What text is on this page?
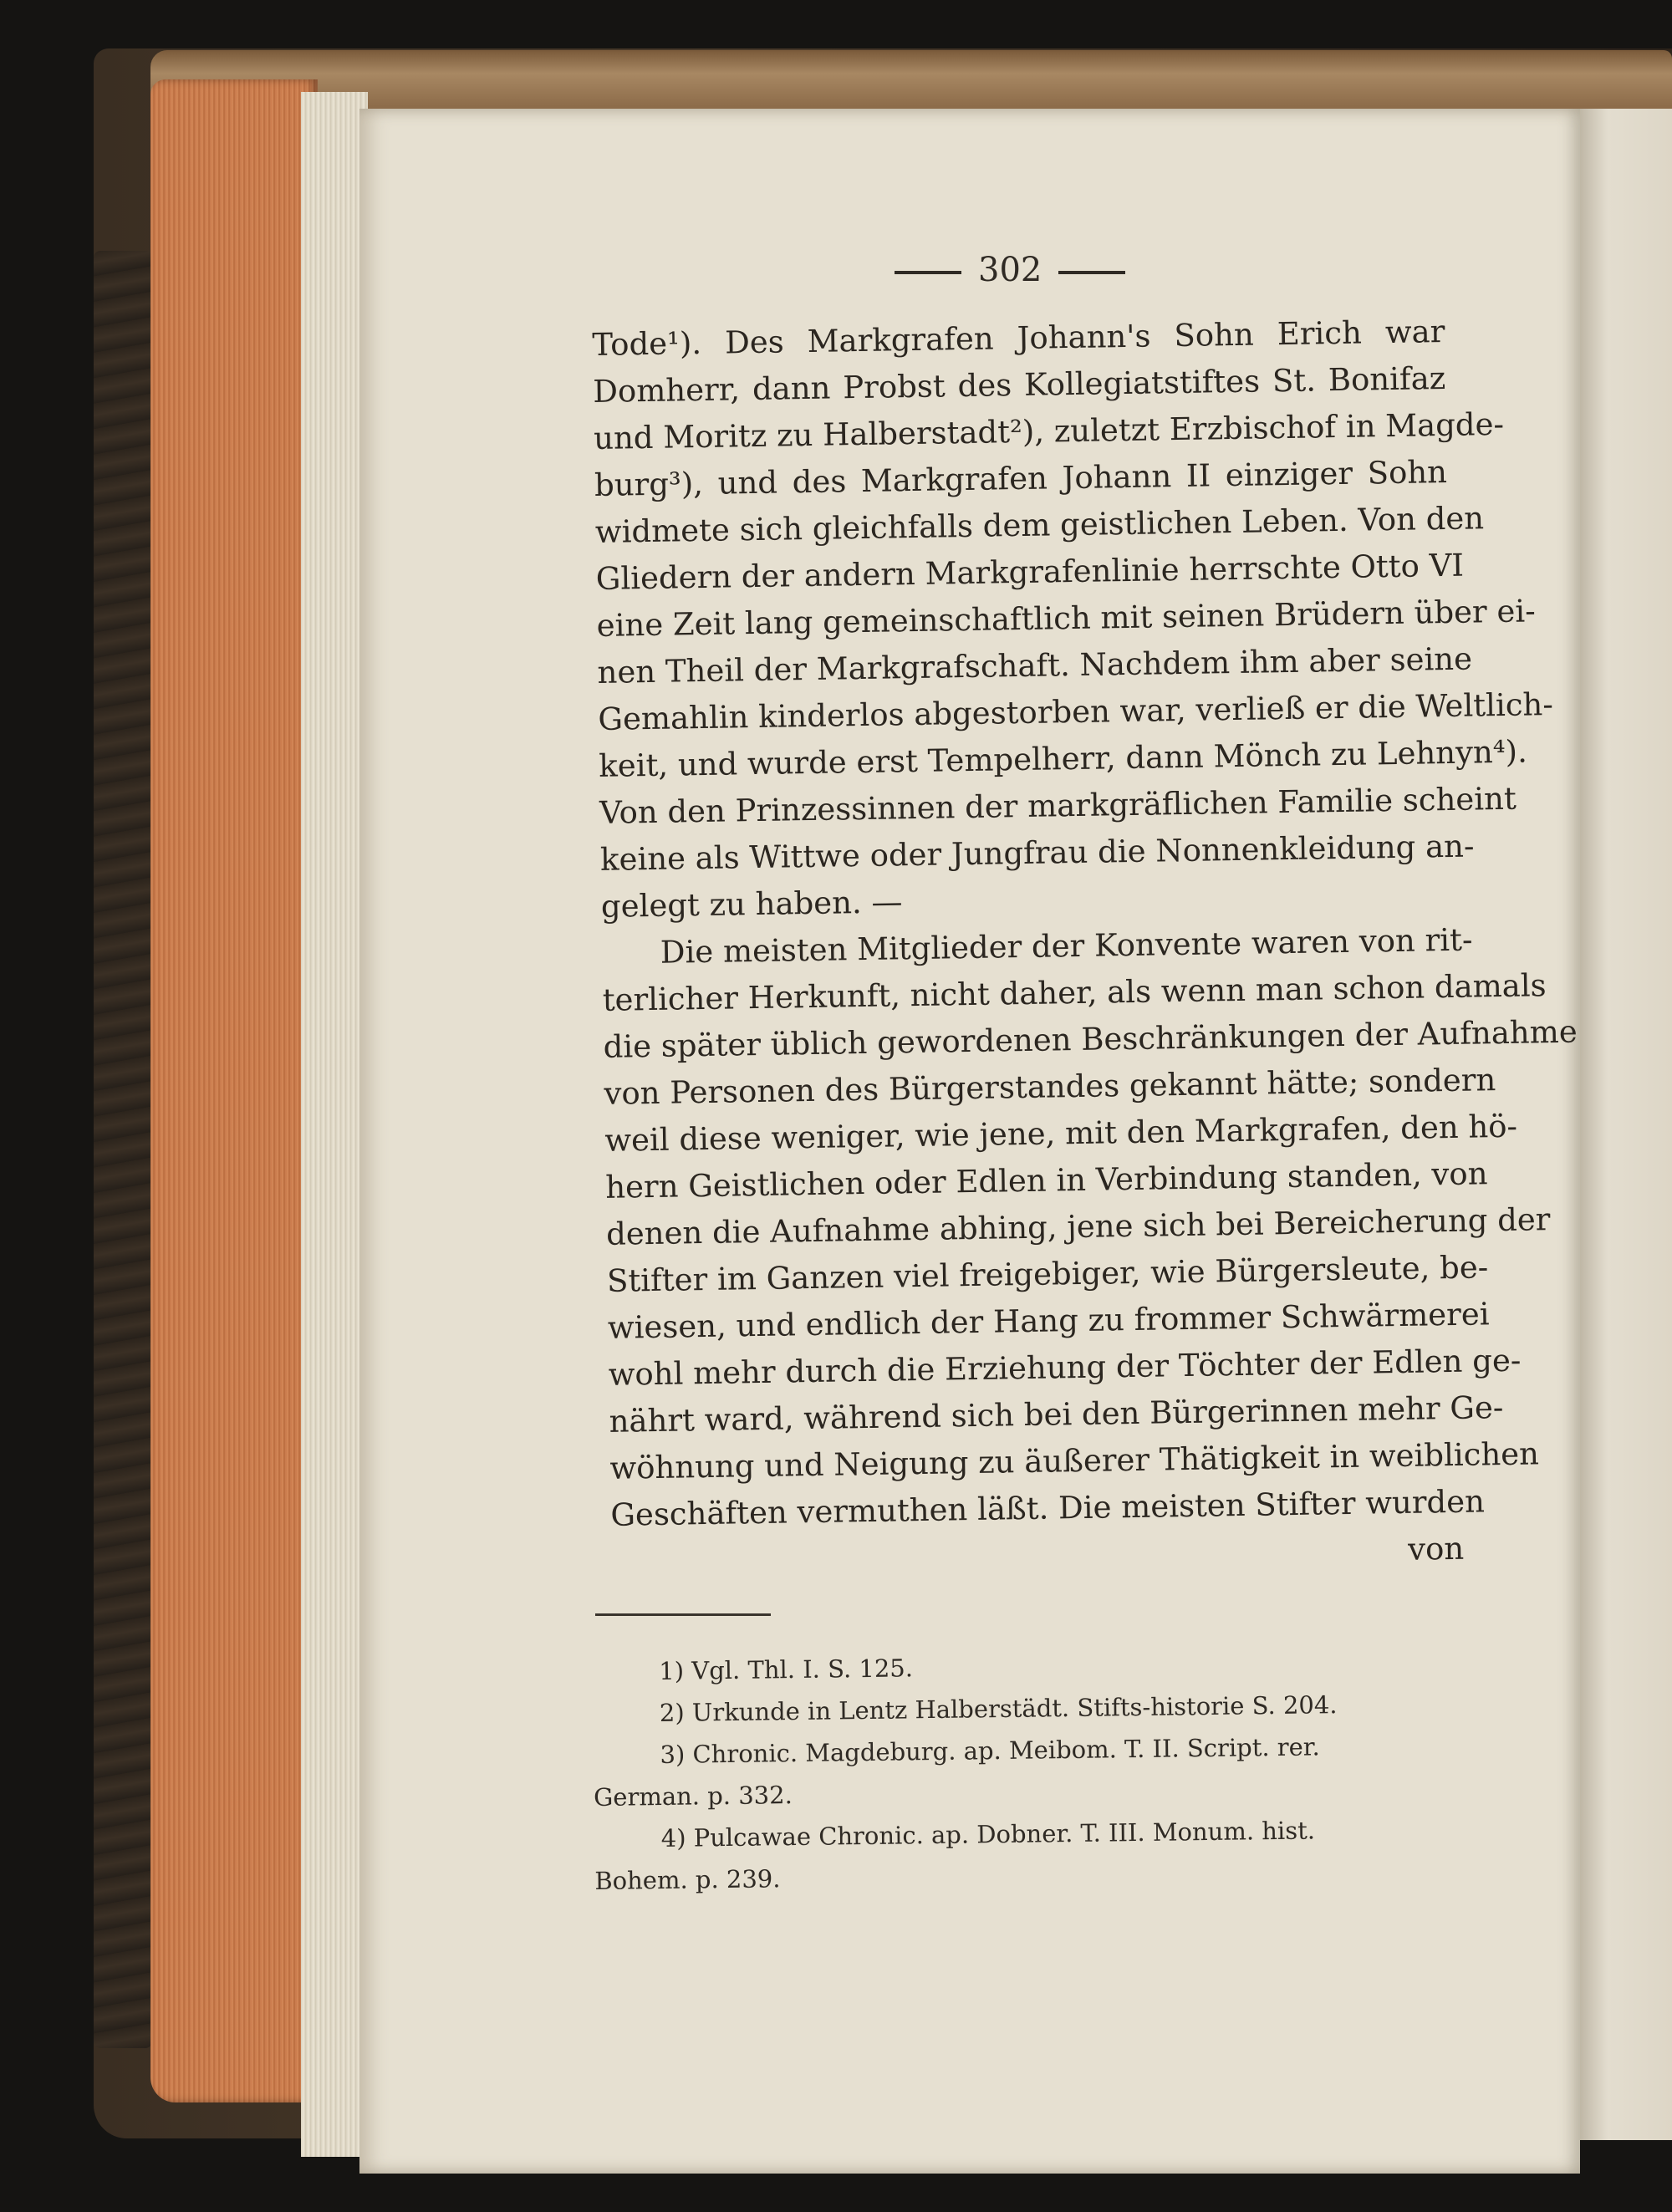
302
Tode¹). Des Markgrafen Johann's Sohn Erich war
Domherr, dann Probst des Kollegiatstiftes St. Bonifaz
und Moritz zu Halberstadt²), zuletzt Erzbischof in Magde-
burg³), und des Markgrafen Johann II einziger Sohn
widmete sich gleichfalls dem geistlichen Leben. Von den
Gliedern der andern Markgrafenlinie herrschte Otto VI
eine Zeit lang gemeinschaftlich mit seinen Brüdern über ei-
nen Theil der Markgrafschaft. Nachdem ihm aber seine
Gemahlin kinderlos abgestorben war, verließ er die Weltlich-
keit, und wurde erst Tempelherr, dann Mönch zu Lehnyn⁴).
Von den Prinzessinnen der markgräflichen Familie scheint
keine als Wittwe oder Jungfrau die Nonnenkleidung an-
gelegt zu haben. —
Die meisten Mitglieder der Konvente waren von rit-
terlicher Herkunft, nicht daher, als wenn man schon damals
die später üblich gewordenen Beschränkungen der Aufnahme
von Personen des Bürgerstandes gekannt hätte; sondern
weil diese weniger, wie jene, mit den Markgrafen, den hö-
hern Geistlichen oder Edlen in Verbindung standen, von
denen die Aufnahme abhing, jene sich bei Bereicherung der
Stifter im Ganzen viel freigebiger, wie Bürgersleute, be-
wiesen, und endlich der Hang zu frommer Schwärmerei
wohl mehr durch die Erziehung der Töchter der Edlen ge-
nährt ward, während sich bei den Bürgerinnen mehr Ge-
wöhnung und Neigung zu äußerer Thätigkeit in weiblichen
Geschäften vermuthen läßt. Die meisten Stifter wurden
von
1) Vgl. Thl. I. S. 125.
2) Urkunde in Lentz Halberstädt. Stifts-historie S. 204.
3) Chronic. Magdeburg. ap. Meibom. T. II. Script. rer.
German. p. 332.
4) Pulcawae Chronic. ap. Dobner. T. III. Monum. hist.
Bohem. p. 239.
